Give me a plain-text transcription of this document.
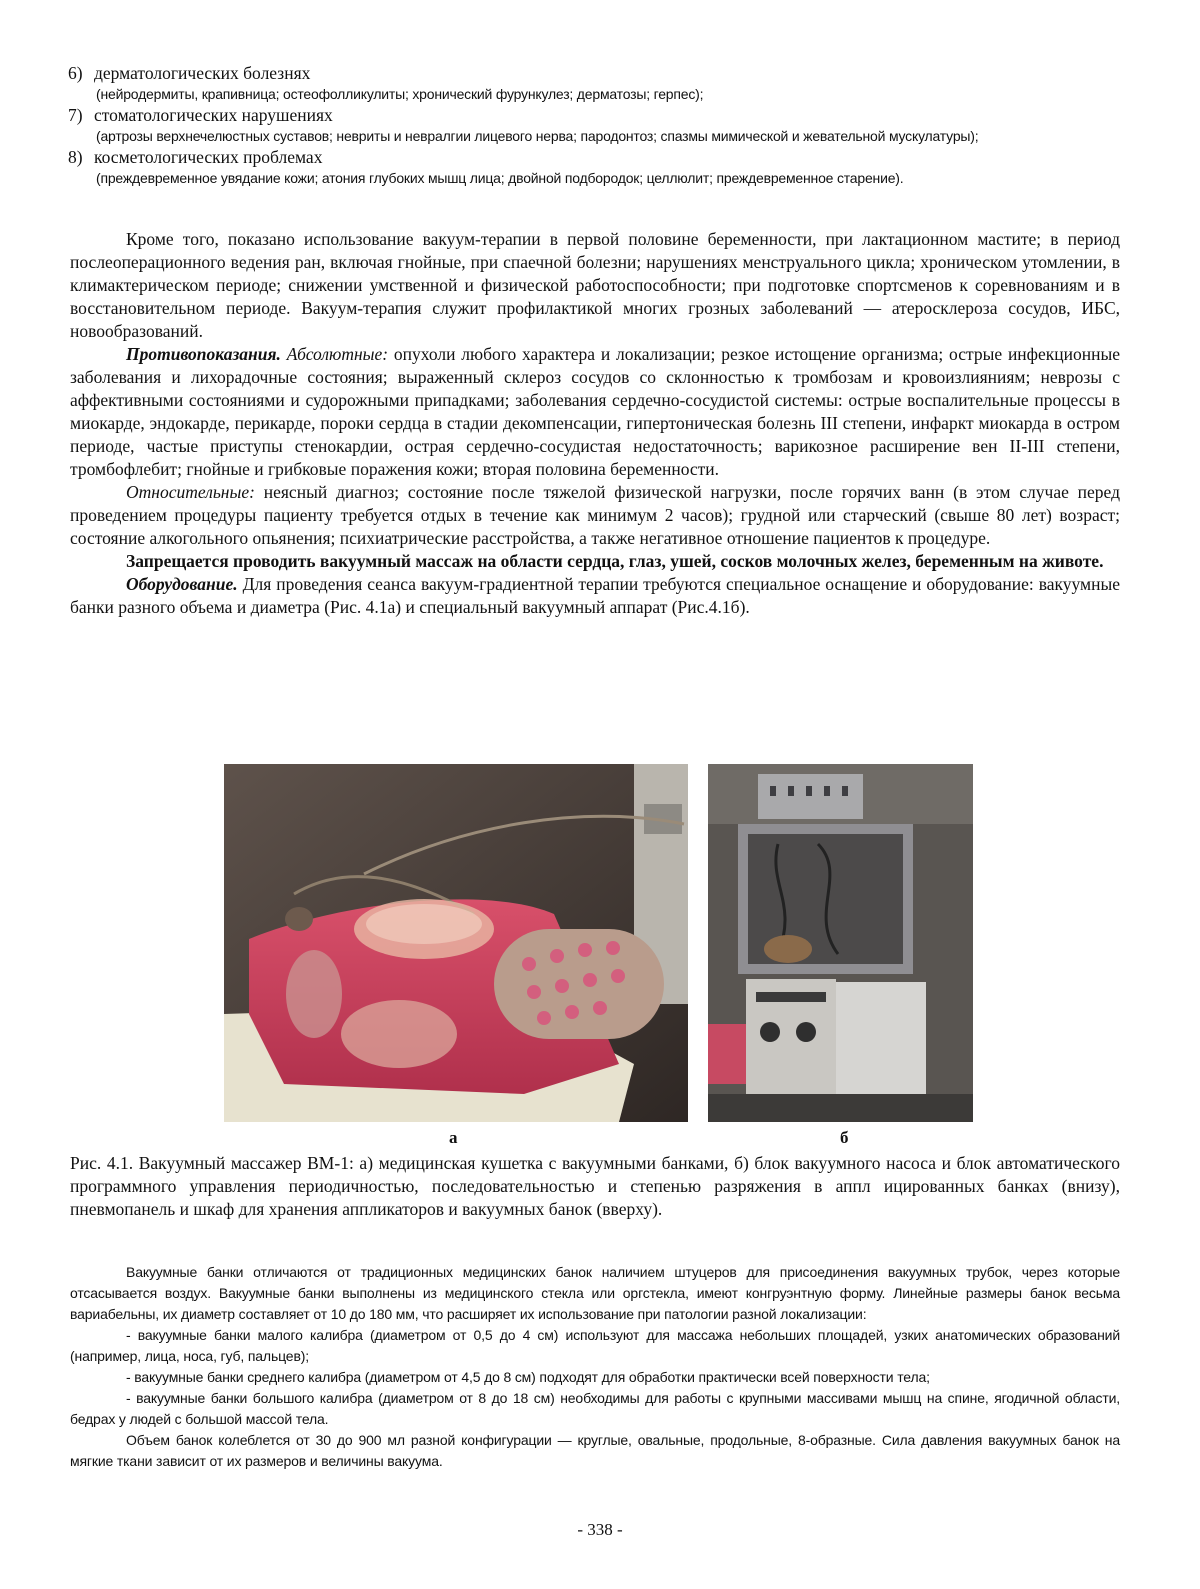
6) дерматологических болезнях
(нейродермиты, крапивница; остеофолликулиты; хронический фурункулез; дерматозы; герпес);
7) стоматологических нарушениях
(артрозы верхнечелюстных суставов; невриты и невралгии лицевого нерва; пародонтоз; спазмы мимической и жевательной мускулатуры);
8) косметологических проблемах
(преждевременное увядание кожи; атония глубоких мышц лица; двойной подбородок; целлюлит; преждевременное старение).

Кроме того, показано использование вакуум-терапии в первой половине беременности, при лактационном мастите; в период послеоперационного ведения ран, включая гнойные, при спаечной болезни; нарушениях менструального цикла; хроническом утомлении, в климактерическом периоде; снижении умственной и физической работоспособности; при подготовке спортсменов к соревнованиям и в восстановительном периоде. Вакуум-терапия служит профилактикой многих грозных заболеваний — атеросклероза сосудов, ИБС, новообразований.

Противопоказания. Абсолютные: опухоли любого характера и локализации; резкое истощение организма; острые инфекционные заболевания и лихорадочные состояния; выраженный склероз сосудов со склонностью к тромбозам и кровоизлияниям; неврозы с аффективными состояниями и судорожными припадками; заболевания сердечно-сосудистой системы: острые воспалительные процессы в миокарде, эндокарде, перикарде, пороки сердца в стадии декомпенсации, гипертоническая болезнь III степени, инфаркт миокарда в остром периоде, частые приступы стенокардии, острая сердечно-сосудистая недостаточность; варикозное расширение вен II-III степени, тромбофлебит; гнойные и грибковые поражения кожи; вторая половина беременности.

Относительные: неясный диагноз; состояние после тяжелой физической нагрузки, после горячих ванн (в этом случае перед проведением процедуры пациенту требуется отдых в течение как минимум 2 часов); грудной или старческий (свыше 80 лет) возраст; состояние алкогольного опьянения; психиатрические расстройства, а также негативное отношение пациентов к процедуре.

Запрещается проводить вакуумный массаж на области сердца, глаз, ушей, сосков молочных желез, беременным на животе.

Оборудование. Для проведения сеанса вакуум-градиентной терапии требуются специальное оснащение и оборудование: вакуумные банки разного объема и диаметра (Рис. 4.1а) и специальный вакуумный аппарат (Рис.4.1б).

а	б
Рис. 4.1. Вакуумный массажер ВМ-1: а) медицинская кушетка с вакуумными банками, б) блок вакуумного насоса и блок автоматического программного управления периодичностью, последовательностью и степенью разряжения в аппл ицированных банках (внизу), пневмопанель и шкаф для хранения аппликаторов и вакуумных банок (вверху).

Вакуумные банки отличаются от традиционных медицинских банок наличием штуцеров для присоединения вакуумных трубок, через которые отсасывается воздух. Вакуумные банки выполнены из медицинского стекла или оргстекла, имеют конгруэнтную форму. Линейные размеры банок весьма вариабельны, их диаметр составляет от 10 до 180 мм, что расширяет их использование при патологии разной локализации:

- вакуумные банки малого калибра (диаметром от 0,5 до 4 см) используют для массажа небольших площадей, узких анатомических образований (например, лица, носа, губ, пальцев);

- вакуумные банки среднего калибра (диаметром от 4,5 до 8 см) подходят для обработки практически всей поверхности тела;

- вакуумные банки большого калибра (диаметром от 8 до 18 см) необходимы для работы с крупными массивами мышц на спине, ягодичной области, бедрах у людей с большой массой тела.

Объем банок колеблется от 30 до 900 мл разной конфигурации — круглые, овальные, продольные, 8-образные. Сила давления вакуумных банок на мягкие ткани зависит от их размеров и величины вакуума.

- 338 -
